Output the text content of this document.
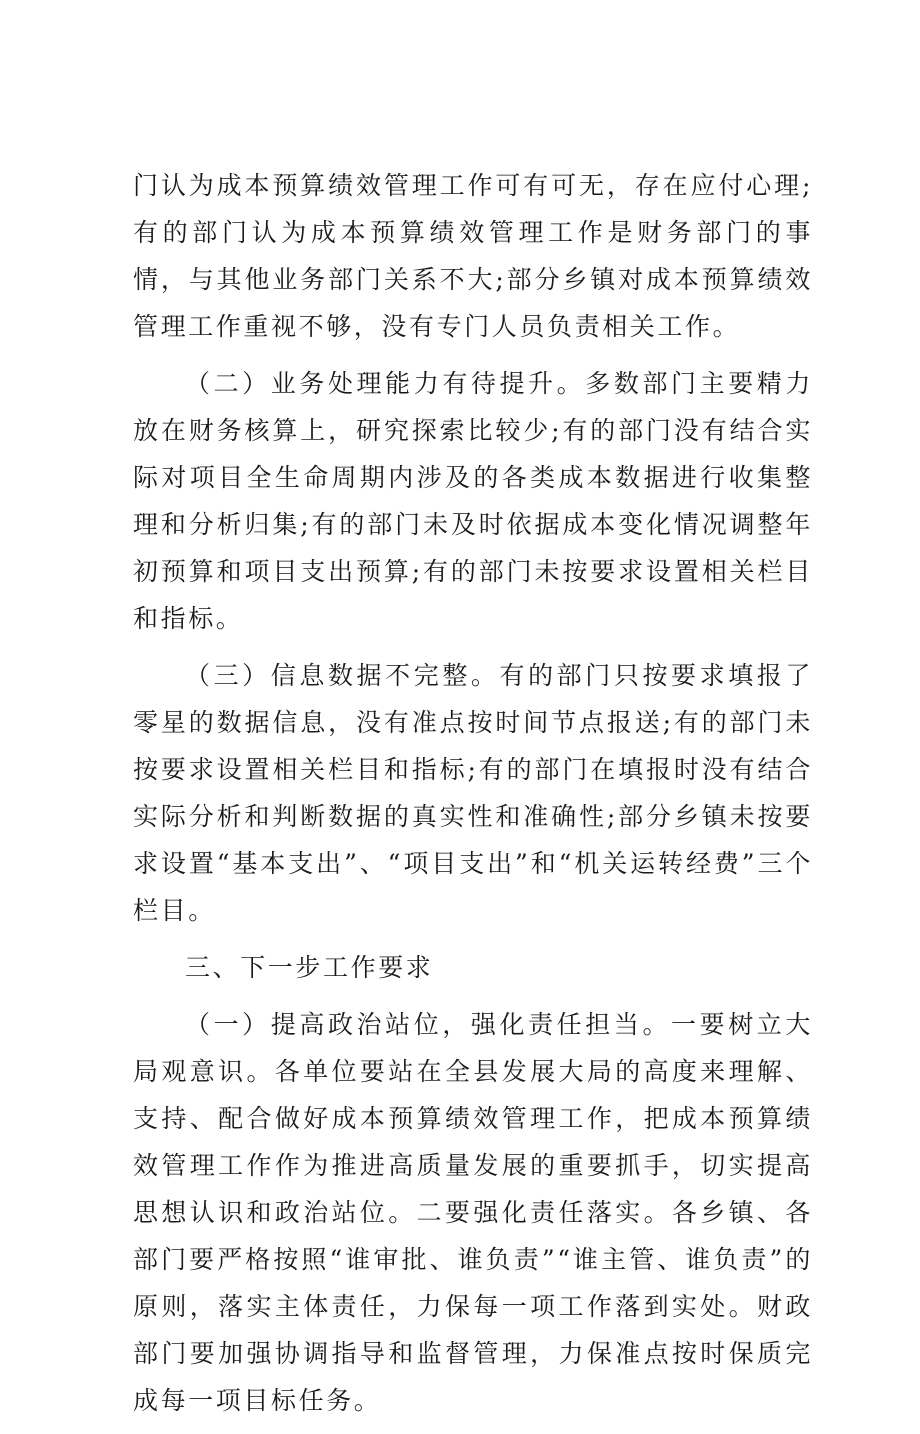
门认为成本预算绩效管理工作可有可无，存在应付心理;有的部门认为成本预算绩效管理工作是财务部门的事情，与其他业务部门关系不大;部分乡镇对成本预算绩效管理工作重视不够，没有专门人员负责相关工作。

（二）业务处理能力有待提升。多数部门主要精力放在财务核算上，研究探索比较少;有的部门没有结合实际对项目全生命周期内涉及的各类成本数据进行收集整理和分析归集;有的部门未及时依据成本变化情况调整年初预算和项目支出预算;有的部门未按要求设置相关栏目和指标。

（三）信息数据不完整。有的部门只按要求填报了零星的数据信息，没有准点按时间节点报送;有的部门未按要求设置相关栏目和指标;有的部门在填报时没有结合实际分析和判断数据的真实性和准确性;部分乡镇未按要求设置“基本支出”、“项目支出”和“机关运转经费”三个栏目。

三、下一步工作要求

（一）提高政治站位，强化责任担当。一要树立大局观意识。各单位要站在全县发展大局的高度来理解、支持、配合做好成本预算绩效管理工作，把成本预算绩效管理工作作为推进高质量发展的重要抓手，切实提高思想认识和政治站位。二要强化责任落实。各乡镇、各部门要严格按照“谁审批、谁负责”“谁主管、谁负责”的原则，落实主体责任，力保每一项工作落到实处。财政部门要加强协调指导和监督管理，力保准点按时保质完成每一项目标任务。
